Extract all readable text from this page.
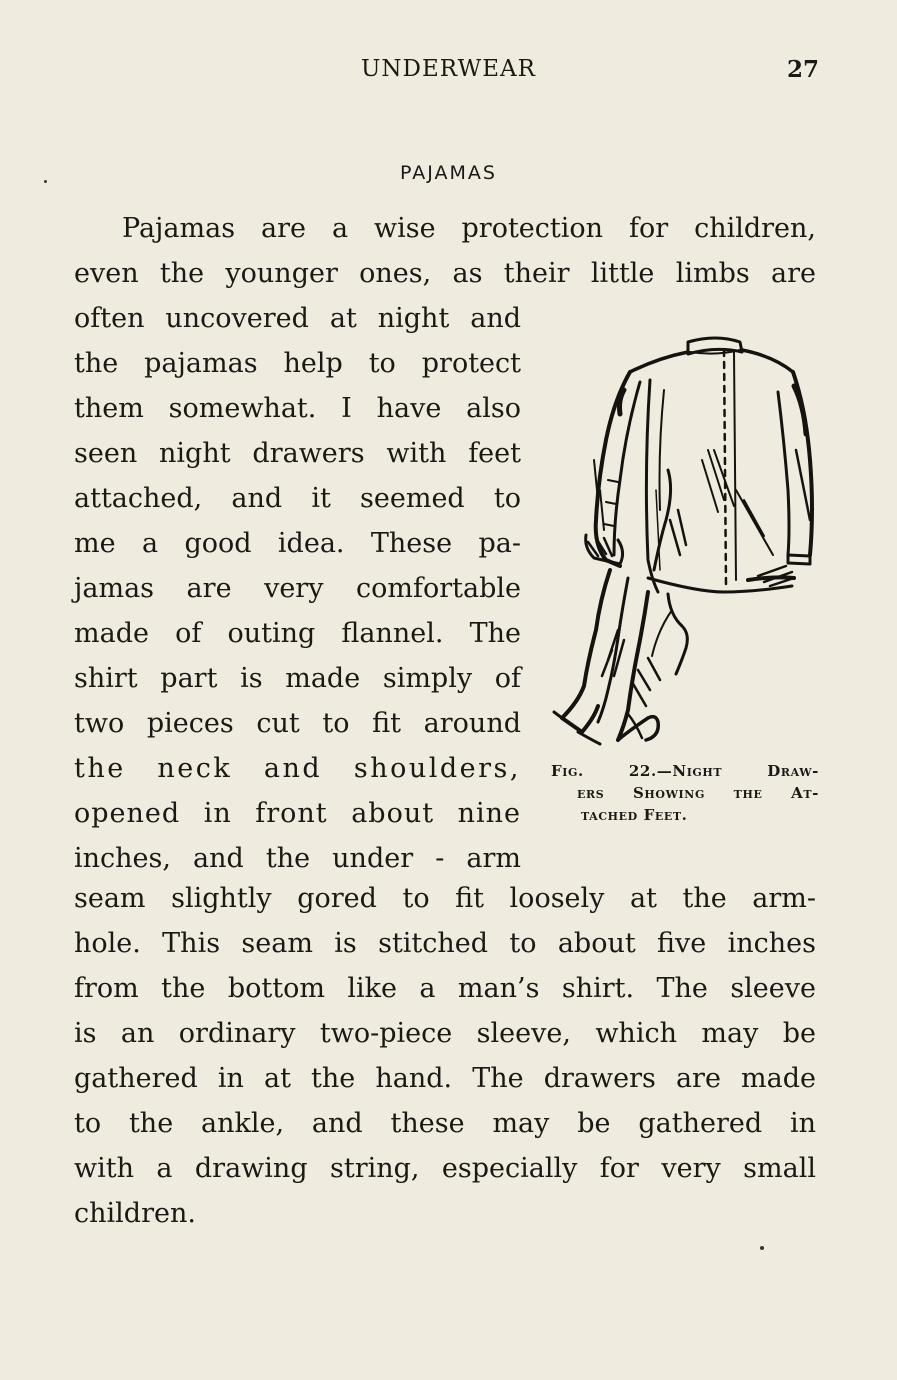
UNDERWEAR	27
PAJAMAS

Pajamas are a wise protection for children,
even the younger ones, as their little limbs are

often uncovered at night and
the pajamas help to protect
them somewhat. I have also
seen night drawers with feet
attached, and it seemed to
me a good idea. These pa-
jamas are very comfortable
made of outing flannel. The
shirt part is made simply of
two pieces cut to fit around
the neck and shoulders,
opened in front about nine
inches, and the under - arm

Fig. 22.—Night Draw-
ers Showing the At-
tached Feet.

seam slightly gored to fit loosely at the arm-
hole. This seam is stitched to about five inches
from the bottom like a man’s shirt. The sleeve
is an ordinary two-piece sleeve, which may be
gathered in at the hand. The drawers are made
to the ankle, and these may be gathered in
with a drawing string, especially for very small
children.
